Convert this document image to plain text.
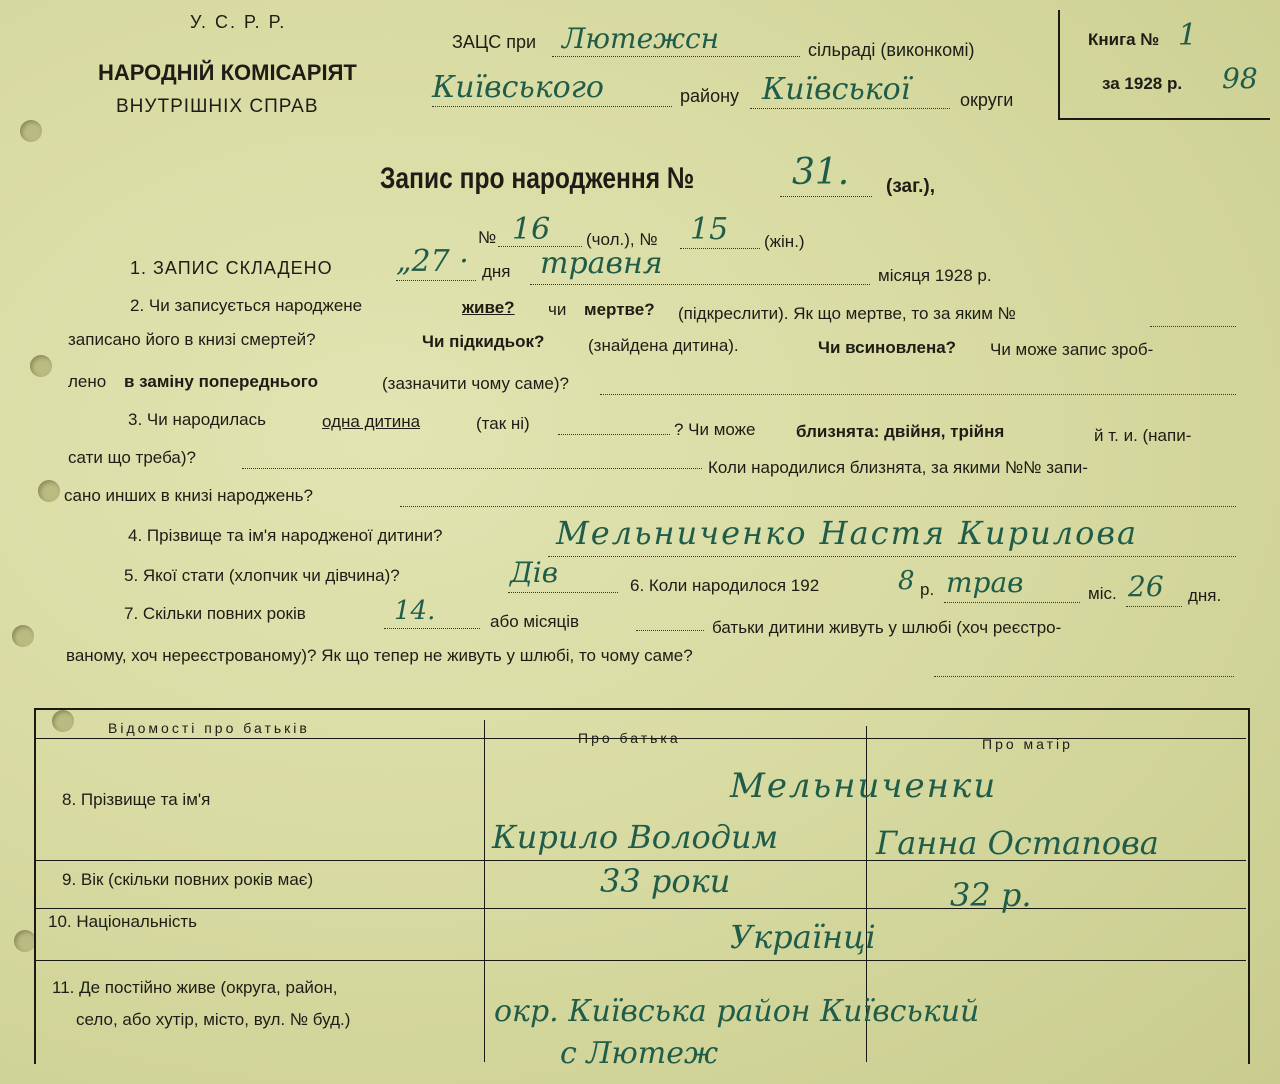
У. С. Р. Р.
НАРОДНІЙ КОМІСАРІЯТ
ВНУТРІШНІХ СПРАВ
ЗАЦС при Лютежсн	сільраді (виконкомі)
Київського	району Київської	округи
Книга № 1
за 1928 р. 98
Запис про народження №	31. (заг.),
№ 16 (чол.), № 15 (жін.)
1. ЗАПИС СКЛАДЕНО „27 · дня травня	місяця 1928 р.
2. Чи записується народжене	живе? чи мертве? (підкреслити). Як що мертве, то за яким №
записано його в книзі смертей?	Чи підкидьок?	(знайдена дитина).	Чи всиновлена? Чи може запис зроб-
лено в заміну попереднього	(зазначити чому саме)?
3. Чи народилась	одна дитина	(так ні)	? Чи може близнята: двійня, трійня	й т. и. (напи-
сати що треба)?
Коли народилися близнята, за якими №№ запи-
сано инших в книзі народжень?
4. Прізвище та ім'я народженої дитини?	Мельниченко Настя Кирилова
5. Якої стати (хлопчик чи дівчина)?	Дів	6. Коли народилося 192	8 р. трав	міс. 26 дня.
7. Скільки повних років	14.	або місяців	батьки дитини живуть у шлюбі (хоч реєстро-
ваному, хоч нереєстрованому)? Як що тепер не живуть у шлюбі, то чому саме?
Відомості про батьків
Про батька	Про матір
8. Прізвище та ім'я	Мельниченки
Кирило Володим	Ганна Остапова
9. Вік (скільки повних років має)	33 роки	32 р.
10. Національність	Українці
11. Де постійно живе (округа, район,
село, або хутір, місто, вул. № буд.)	окр. Київська район Київський
с Лютеж
